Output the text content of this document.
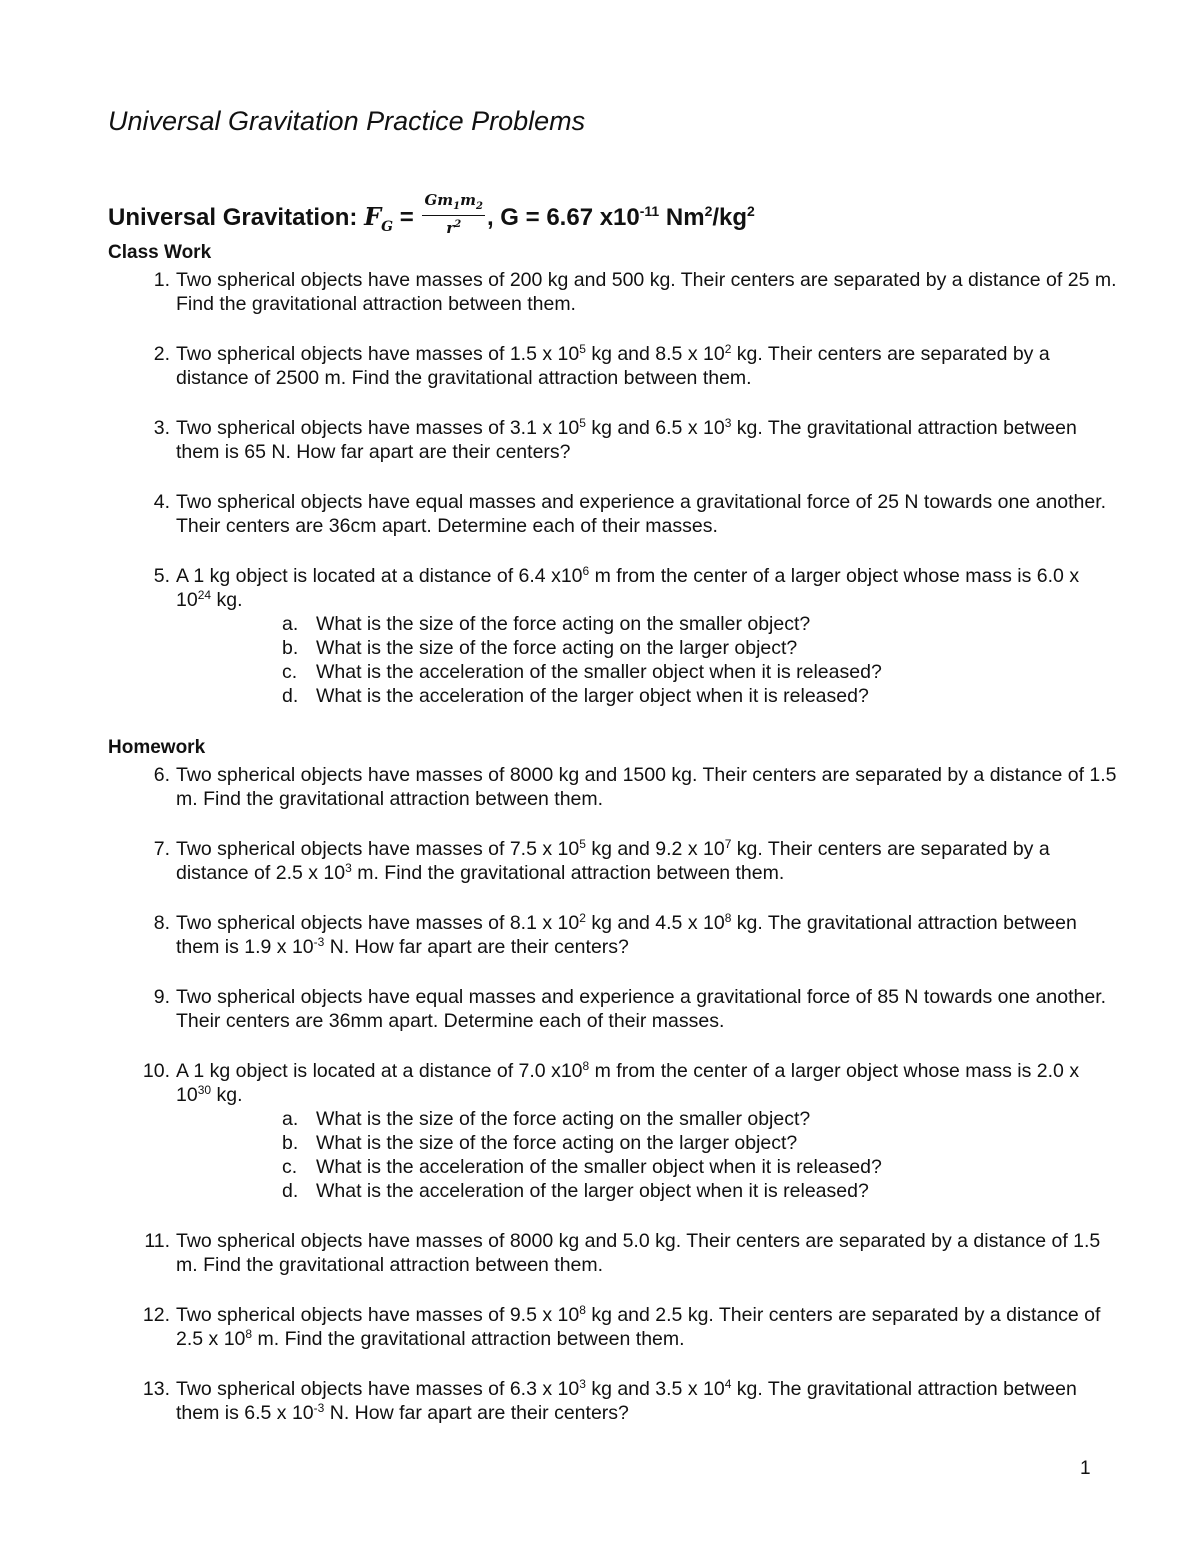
Universal Gravitation Practice Problems
Universal Gravitation: $F_G = \frac{Gm_1m_2}{r^2}$ , G = 6.67 $x10^{-11}$ $Nm^2/kg^2$
Class Work
1. Two spherical objects have masses of 200 kg and 500 kg. Their centers are separated by a distance of 25 m. Find the gravitational attraction between them.
2. Two spherical objects have masses of 1.5 x $10^5$ kg and 8.5 x $10^2$ kg. Their centers are separated by a distance of 2500 m. Find the gravitational attraction between them.
3. Two spherical objects have masses of 3.1 x $10^5$ kg and 6.5 x $10^3$ kg. The gravitational attraction between them is 65 N. How far apart are their centers?
4. Two spherical objects have equal masses and experience a gravitational force of 25 N towards one another. Their centers are 36cm apart. Determine each of their masses.
5. A 1 kg object is located at a distance of 6.4 $x10^6$ m from the center of a larger object whose mass is 6.0 x $10^{24}$ kg.
a. What is the size of the force acting on the smaller object?
b. What is the size of the force acting on the larger object?
c. What is the acceleration of the smaller object when it is released?
d. What is the acceleration of the larger object when it is released?
Homework
6. Two spherical objects have masses of 8000 kg and 1500 kg. Their centers are separated by a distance of 1.5 m. Find the gravitational attraction between them.
7. Two spherical objects have masses of 7.5 x $10^5$ kg and 9.2 x $10^7$ kg. Their centers are separated by a distance of 2.5 x $10^3$ m. Find the gravitational attraction between them.
8. Two spherical objects have masses of 8.1 x $10^2$ kg and 4.5 x $10^8$ kg. The gravitational attraction between them is 1.9 x $10^{-3}$ N. How far apart are their centers?
9. Two spherical objects have equal masses and experience a gravitational force of 85 N towards one another. Their centers are 36mm apart. Determine each of their masses.
10. A 1 kg object is located at a distance of 7.0 $x10^8$ m from the center of a larger object whose mass is 2.0 x $10^{30}$ kg.
a. What is the size of the force acting on the smaller object?
b. What is the size of the force acting on the larger object?
c. What is the acceleration of the smaller object when it is released?
d. What is the acceleration of the larger object when it is released?
11. Two spherical objects have masses of 8000 kg and 5.0 kg. Their centers are separated by a distance of 1.5 m. Find the gravitational attraction between them.
12. Two spherical objects have masses of 9.5 x $10^8$ kg and 2.5 kg. Their centers are separated by a distance of 2.5 x $10^8$ m. Find the gravitational attraction between them.
13. Two spherical objects have masses of 6.3 x $10^3$ kg and 3.5 x $10^4$ kg. The gravitational attraction between them is 6.5 x $10^{-3}$ N. How far apart are their centers?
1
